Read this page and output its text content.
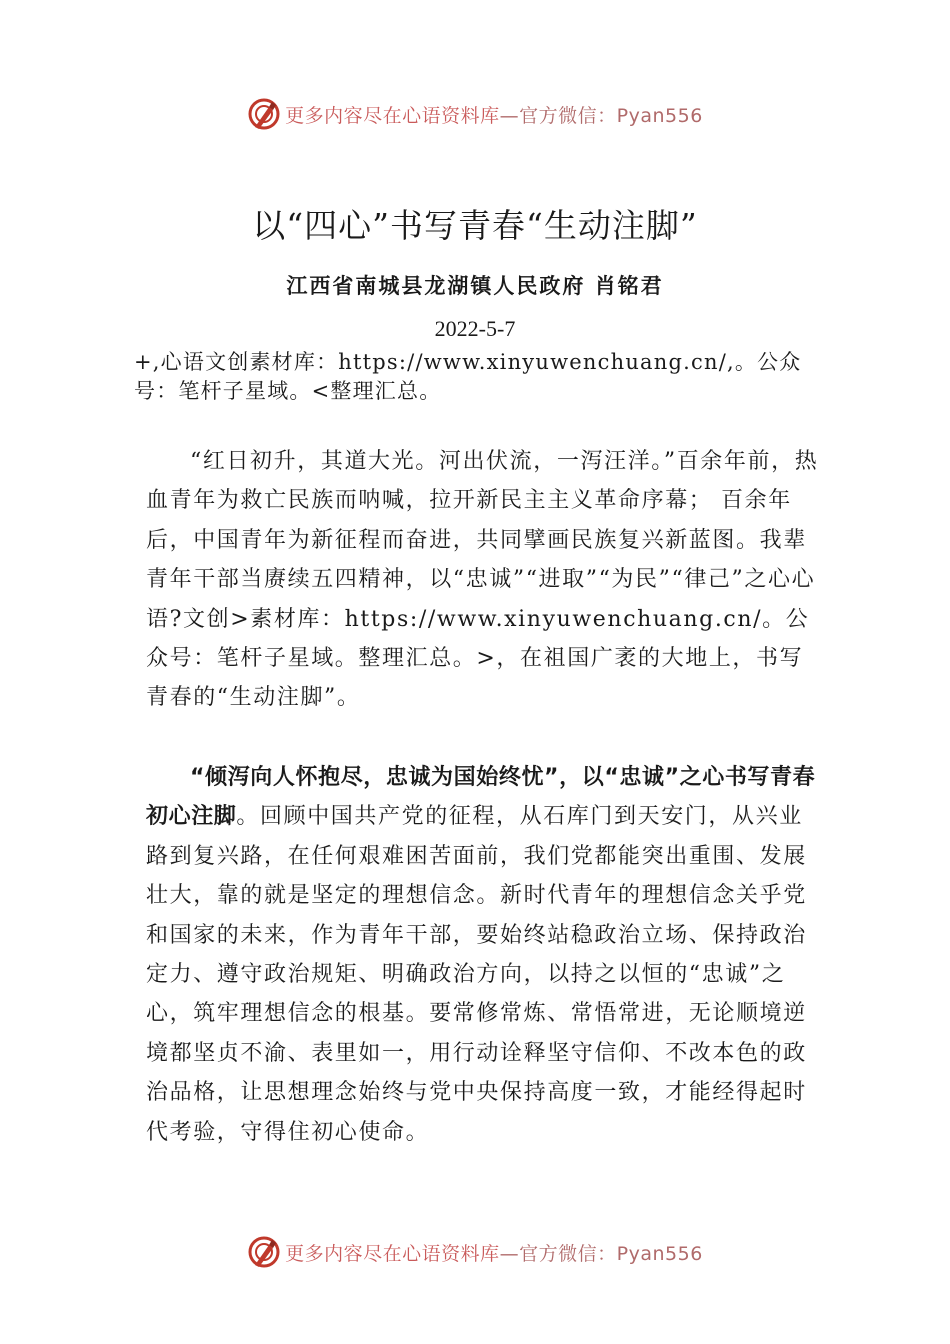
更多内容尽在心语资料库—官方微信：Pyan556
以“四心”书写青春“生动注脚”
江西省南城县龙湖镇人民政府 肖铭君
2022-5-7
+,心语文创素材库：https://www.xinyuwenchuang.cn/,。公众号：笔杆子星域。<整理汇总。

“红日初升，其道大光。河出伏流，一泻汪洋。”百余年前，热血青年为救亡民族而呐喊，拉开新民主主义革命序幕； 百余年后，中国青年为新征程而奋进，共同擘画民族复兴新蓝图。我辈青年干部当赓续五四精神，以“忠诚”“进取”“为民”“律己”之心心语?文创>素材库：https://www.xinyuwenchuang.cn/。公众号：笔杆子星域。整理汇总。>，在祖国广袤的大地上，书写青春的“生动注脚”。

“倾泻向人怀抱尽，忠诚为国始终忧”，以“忠诚”之心书写青春初心注脚。回顾中国共产党的征程，从石库门到天安门，从兴业路到复兴路，在任何艰难困苦面前，我们党都能突出重围、发展壮大，靠的就是坚定的理想信念。新时代青年的理想信念关乎党和国家的未来，作为青年干部，要始终站稳政治立场、保持政治定力、遵守政治规矩、明确政治方向，以持之以恒的“忠诚”之心，筑牢理想信念的根基。要常修常炼、常悟常进，无论顺境逆境都坚贞不渝、表里如一，用行动诠释坚守信仰、不改本色的政治品格，让思想理念始终与党中央保持高度一致，才能经得起时代考验，守得住初心使命。

更多内容尽在心语资料库—官方微信：Pyan556
